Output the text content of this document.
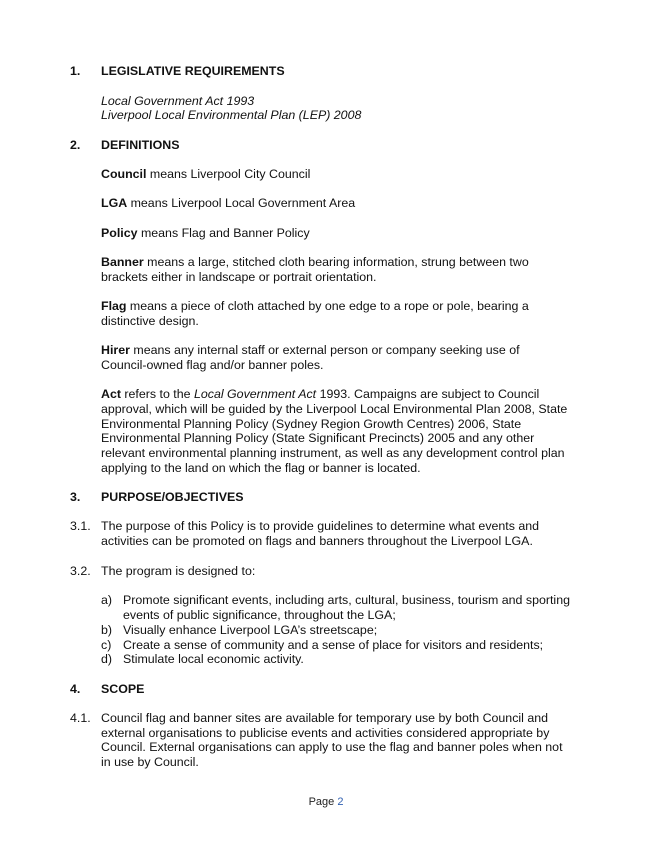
1. LEGISLATIVE REQUIREMENTS
Local Government Act 1993
Liverpool Local Environmental Plan (LEP) 2008
2. DEFINITIONS
Council means Liverpool City Council
LGA means Liverpool Local Government Area
Policy means Flag and Banner Policy
Banner means a large, stitched cloth bearing information, strung between two
brackets either in landscape or portrait orientation.
Flag means a piece of cloth attached by one edge to a rope or pole, bearing a
distinctive design.
Hirer means any internal staff or external person or company seeking use of
Council-owned flag and/or banner poles.
Act refers to the Local Government Act 1993. Campaigns are subject to Council
approval, which will be guided by the Liverpool Local Environmental Plan 2008, State
Environmental Planning Policy (Sydney Region Growth Centres) 2006, State
Environmental Planning Policy (State Significant Precincts) 2005 and any other
relevant environmental planning instrument, as well as any development control plan
applying to the land on which the flag or banner is located.
3. PURPOSE/OBJECTIVES
3.1. The purpose of this Policy is to provide guidelines to determine what events and
activities can be promoted on flags and banners throughout the Liverpool LGA.
3.2. The program is designed to:
a) Promote significant events, including arts, cultural, business, tourism and sporting
events of public significance, throughout the LGA;
b) Visually enhance Liverpool LGA’s streetscape;
c) Create a sense of community and a sense of place for visitors and residents;
d) Stimulate local economic activity.
4. SCOPE
4.1. Council flag and banner sites are available for temporary use by both Council and
external organisations to publicise events and activities considered appropriate by
Council. External organisations can apply to use the flag and banner poles when not
in use by Council.
Page 2
